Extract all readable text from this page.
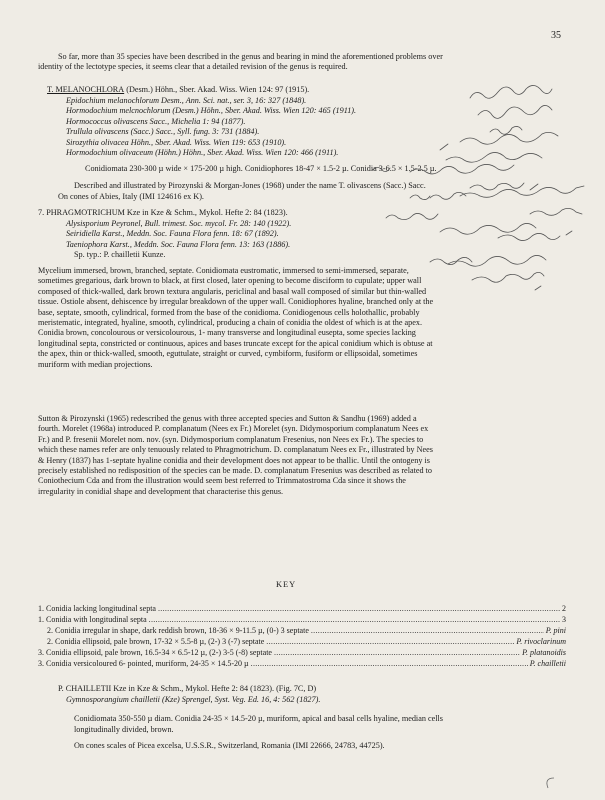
35
So far, more than 35 species have been described in the genus and bearing in mind the aforementioned problems over
identity of the lectotype species, it seems clear that a detailed revision of the genus is required.
T. MELANOCHLORA (Desm.) Höhn., Sber. Akad. Wiss. Wien 124: 97 (1915).
Epidochium melanochlorum Desm., Ann. Sci. nat., ser. 3, 16: 327 (1848).
Hormodochium melcnochlorum (Desm.) Höhn., Sber. Akad. Wiss. Wien 120: 465 (1911).
Hormococcus olivascens Sacc., Michelia 1: 94 (1877).
Trullula olivascens (Sacc.) Sacc., Syll. fung. 3: 731 (1884).
Sirozythia olivacea Höhn., Sber. Akad. Wiss. Wien 119: 653 (1910).
Hormodochium olivaceum (Höhn.) Höhn., Sber. Akad. Wiss. Wien 120: 466 (1911).
Conidiomata 230-300 µ wide × 175-200 µ high. Conidiophores 18-47 × 1.5-2 µ. Conidia 3-6.5 × 1.5-2.5 µ.
Described and illustrated by Pirozynski & Morgan-Jones (1968) under the name T. olivascens (Sacc.) Sacc.
On cones of Abies, Italy (IMI 124616 ex K).
7. PHRAGMOTRICHUM Kze in Kze & Schm., Mykol. Hefte 2: 84 (1823).
Alysisporium Peyronel, Bull. trimest. Soc. mycol. Fr. 28: 140 (1922).
Seiridiella Karst., Meddn. Soc. Fauna Flora fenn. 18: 67 (1892).
Taeniophora Karst., Meddn. Soc. Fauna Flora fenn. 13: 163 (1886).
Sp. typ.: P. chailletii Kunze.
Mycelium immersed, brown, branched, septate. Conidiomata eustromatic, immersed to semi-immersed, separate,
sometimes gregarious, dark brown to black, at first closed, later opening to become disciform to cupulate; upper wall
composed of thick-walled, dark brown textura angularis, periclinal and basal wall composed of similar but thin-walled
tissue. Ostiole absent, dehiscence by irregular breakdown of the upper wall. Conidiophores hyaline, branched only at the
base, septate, smooth, cylindrical, formed from the base of the conidioma. Conidiogenous cells holothallic, probably
meristematic, integrated, hyaline, smooth, cylindrical, producing a chain of conidia the oldest of which is at the apex.
Conidia brown, concolourous or versicolourous, 1- many transverse and longitudinal eusepta, some species lacking
longitudinal septa, constricted or continuous, apices and bases truncate except for the apical conidium which is obtuse at
the apex, thin or thick-walled, smooth, eguttulate, straight or curved, cymbiform, fusiform or ellipsoidal, sometimes
muriform with median projections.
Sutton & Pirozynski (1965) redescribed the genus with three accepted species and Sutton & Sandhu (1969) added a
fourth. Morelet (1968a) introduced P. complanatum (Nees ex Fr.) Morelet (syn. Didymosporium complanatum Nees ex
Fr.) and P. fresenii Morelet nom. nov. (syn. Didymosporium complanatum Fresenius, non Nees ex Fr.). The species to
which these names refer are only tenuously related to Phragmotrichum. D. complanatum Nees ex Fr., illustrated by Nees
& Henry (1837) has 1-septate hyaline conidia and their development does not appear to be thallic. Until the ontogeny is
precisely established no redisposition of the species can be made. D. complanatum Fresenius was described as related to
Coniothecium Cda and from the illustration would seem best referred to Trimmatostroma Cda since it shows the
irregularity in conidial shape and development that characterise this genus.
KEY
1. Conidia lacking longitudinal septa .....	2
1. Conidia with longitudinal septa .....	3
2. Conidia irregular in shape, dark reddish brown, 18-36 × 9-11.5 µ, (0-) 3 septate .....	P. pini
2. Conidia ellipsoid, pale brown, 17-32 × 5.5-8 µ, (2-) 3 (-7) septate .....	P. rivoclarinum
3. Conidia ellipsoid, pale brown, 16.5-34 × 6.5-12 µ, (2-) 3-5 (-8) septate .....	P. platanoidis
3. Conidia versicoloured 6- pointed, muriform, 24-35 × 14.5-20 µ .....	P. chailletii
P. CHAILLETII Kze in Kze & Schm., Mykol. Hefte 2: 84 (1823). (Fig. 7C, D)
Gymnosporangium chailletii (Kze) Sprengel, Syst. Veg. Ed. 16, 4: 562 (1827).
Conidiomata 350-550 µ diam. Conidia 24-35 × 14.5-20 µ, muriform, apical and basal cells hyaline, median cells
longitudinally divided, brown.
On cones scales of Picea excelsa, U.S.S.R., Switzerland, Romania (IMI 22666, 24783, 44725).
